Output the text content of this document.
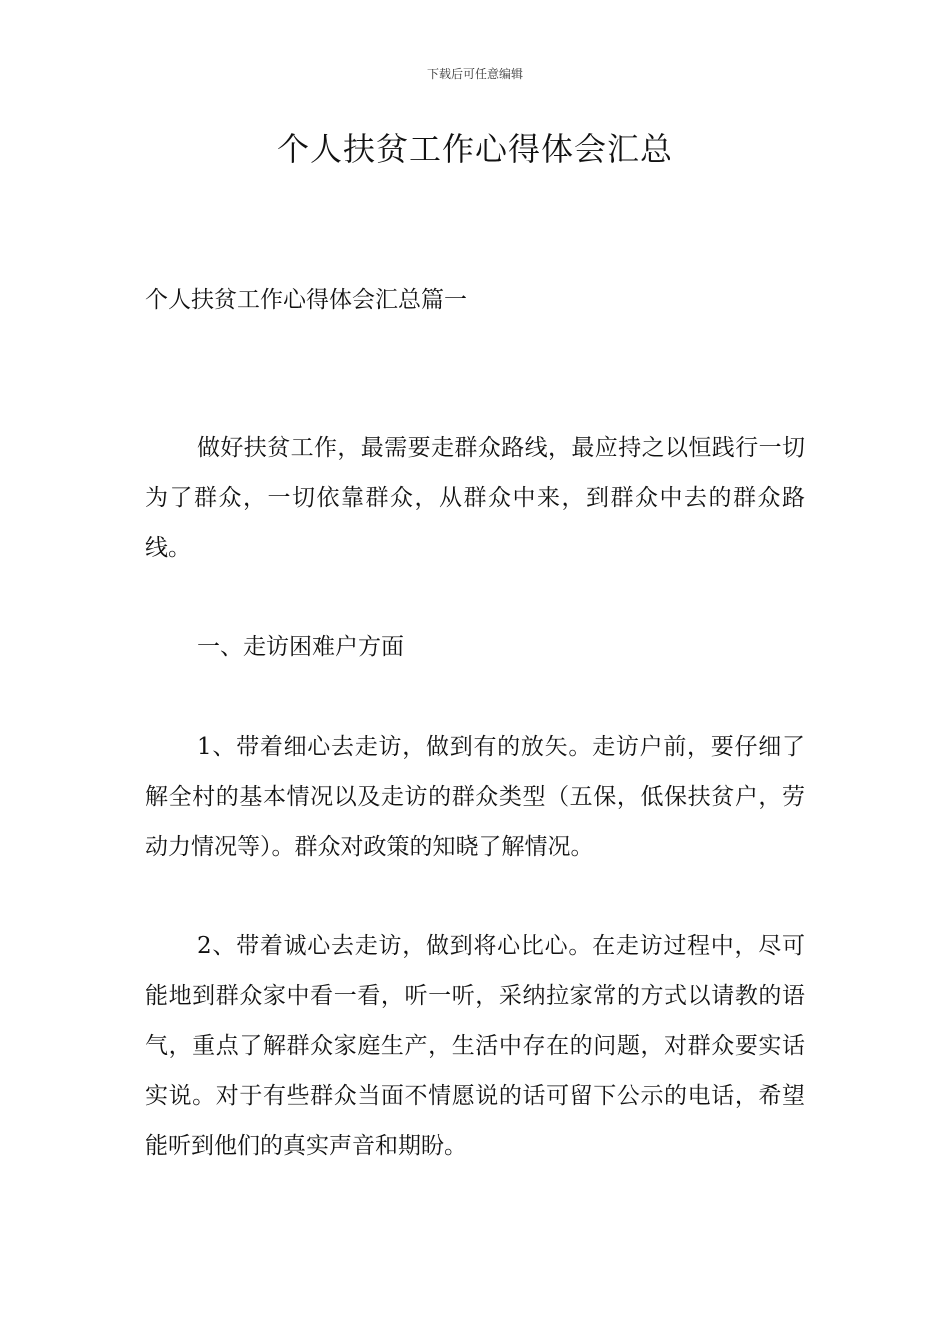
下载后可任意编辑
个人扶贫工作心得体会汇总
个人扶贫工作心得体会汇总篇一

做好扶贫工作，最需要走群众路线，最应持之以恒践行一切为了群众，一切依靠群众，从群众中来，到群众中去的群众路线。

一、走访困难户方面

1、带着细心去走访，做到有的放矢。走访户前，要仔细了解全村的基本情况以及走访的群众类型（五保，低保扶贫户，劳动力情况等）。群众对政策的知晓了解情况。

2、带着诚心去走访，做到将心比心。在走访过程中，尽可能地到群众家中看一看，听一听，采纳拉家常的方式以请教的语气，重点了解群众家庭生产，生活中存在的问题，对群众要实话实说。对于有些群众当面不情愿说的话可留下公示的电话，希望能听到他们的真实声音和期盼。
